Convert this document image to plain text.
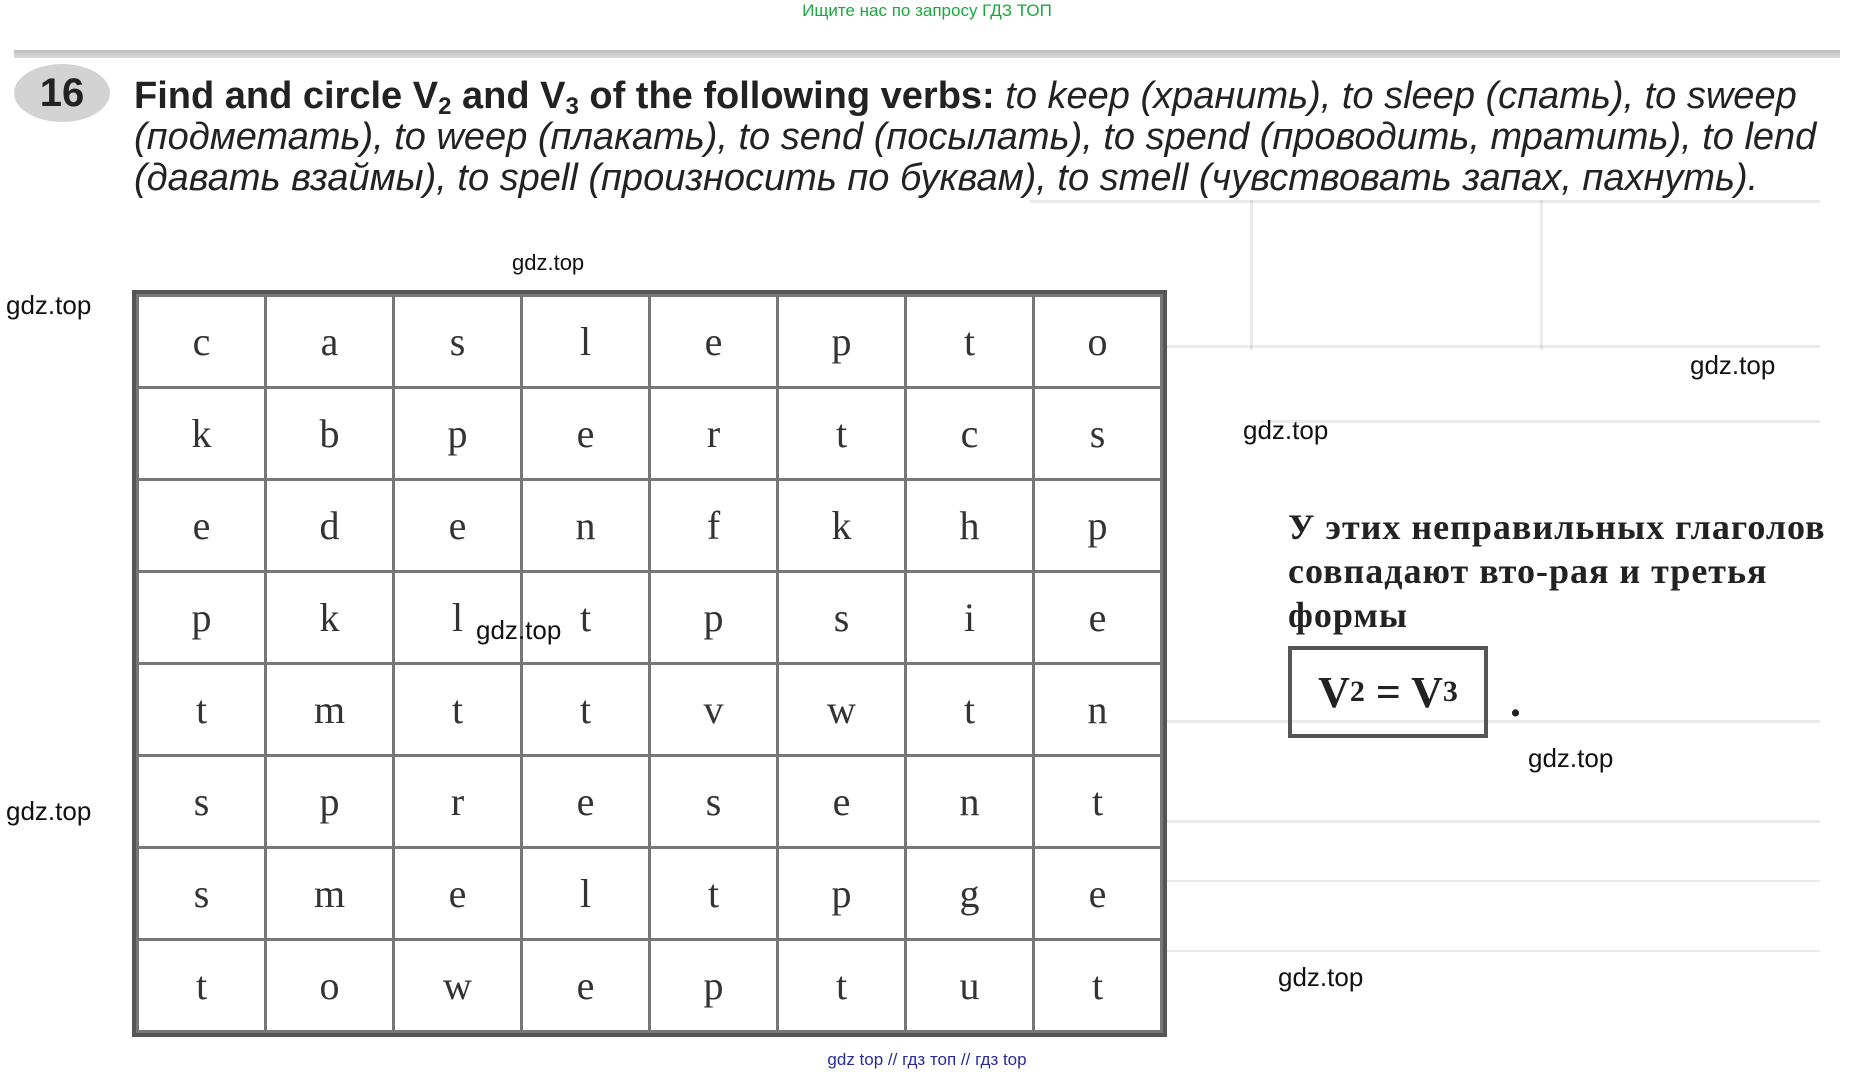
Ищите нас по запросу ГДЗ ТОП
16	Find and circle $V_2$ and $V_3$ of the following verbs: to keep (хранить), to sleep (спать), to sweep (подметать), to weep (плакать), to send (посылать), to spend (проводить, тратить), to lend (давать взаймы), to spell (произносить по буквам), to smell (чувствовать запах, пахнуть).
gdz.top
gdz.top
gdz.top
gdz.top
c	a	s	l	e	p	t	o
k	b	p	e	r	t	c	s
e	d	e	n	f	k	h	p
p	k	l	t	p	s	i	e
t	m	t	t	v	w	t	n
s	p	r	e	s	e	n	t
s	m	e	l	t	p	g	e
t	o	w	e	p	t	u	t
gdz.top
gdz.top
gdz.top
gdz.top
У этих неправильных глаголов совпадают вто-рая и третья формы
V 2
= V 3 .
gdz top // гдз топ // гдз top
